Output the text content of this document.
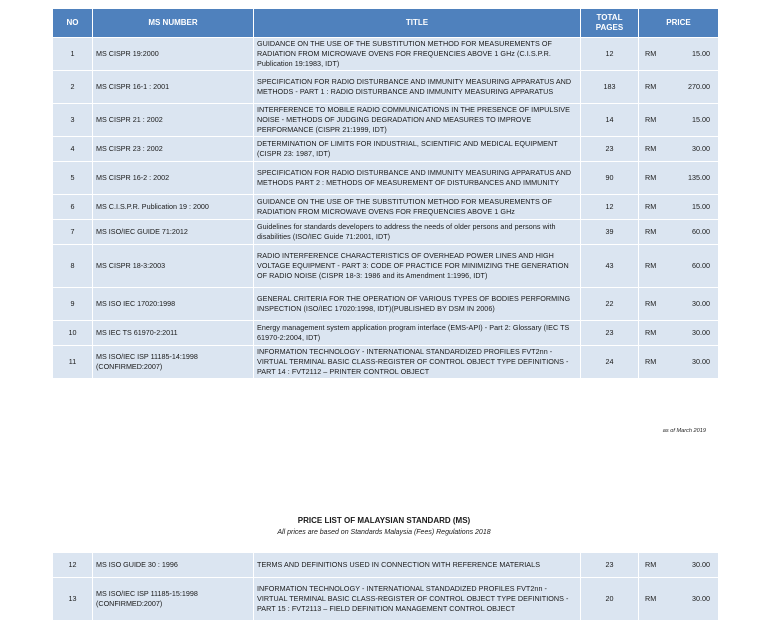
NO	MS NUMBER	TITLE	TOTAL PAGES	PRICE
1	MS CISPR 19:2000	GUIDANCE ON THE USE OF THE SUBSTITUTION METHOD FOR MEASUREMENTS OF RADIATION FROM MICROWAVE OVENS FOR FREQUENCIES ABOVE 1 GHz (C.I.S.P.R. Publication 19:1983, IDT)	12	RM 15.00

2	MS CISPR 16-1 : 2001	SPECIFICATION FOR RADIO DISTURBANCE AND IMMUNITY MEASURING APPARATUS AND METHODS - PART 1 : RADIO DISTURBANCE AND IMMUNITY MEASURING APPARATUS	183	RM 270.00

3	MS CISPR 21 : 2002	INTERFERENCE TO MOBILE RADIO COMMUNICATIONS IN THE PRESENCE OF IMPULSIVE NOISE - METHODS OF JUDGING DEGRADATION AND MEASURES TO IMPROVE PERFORMANCE (CISPR 21:1999, IDT)	14	RM 15.00

4	MS CISPR 23 : 2002	DETERMINATION OF LIMITS FOR INDUSTRIAL, SCIENTIFIC AND MEDICAL EQUIPMENT (CISPR 23: 1987, IDT)	23	RM 30.00

5	MS CISPR 16-2 : 2002	SPECIFICATION FOR RADIO DISTURBANCE AND IMMUNITY MEASURING APPARATUS AND METHODS PART 2 : METHODS OF MEASUREMENT OF DISTURBANCES AND IMMUNITY	90	RM 135.00

6	MS C.I.S.P.R. Publication 19 : 2000	GUIDANCE ON THE USE OF THE SUBSTITUTION METHOD FOR MEASUREMENTS OF RADIATION FROM MICROWAVE OVENS FOR FREQUENCIES ABOVE 1 GHz	12	RM 15.00

7	MS ISO/IEC GUIDE 71:2012	Guidelines for standards developers to address the needs of older persons and persons with disabilities (ISO/IEC Guide 71:2001, IDT)	39	RM 60.00

8	MS CISPR 18-3:2003	RADIO INTERFERENCE CHARACTERISTICS OF OVERHEAD POWER LINES AND HIGH VOLTAGE EQUIPMENT - PART 3: CODE OF PRACTICE FOR MINIMIZING THE GENERATION OF RADIO NOISE (CISPR 18-3: 1986 and its Amendment 1:1996, IDT)	43	RM 60.00

9	MS ISO IEC 17020:1998	GENERAL CRITERIA FOR THE OPERATION OF VARIOUS TYPES OF BODIES PERFORMING INSPECTION (ISO/IEC 17020:1998, IDT)(PUBLISHED BY DSM IN 2006)	22	RM 30.00

10	MS IEC TS 61970-2:2011	Energy management system application program interface (EMS-API) - Part 2: Glossary (IEC TS 61970-2:2004, IDT)	23	RM 30.00

11	MS ISO/IEC ISP 11185-14:1998 (CONFIRMED:2007)	INFORMATION TECHNOLOGY - INTERNATIONAL STANDARDIZED PROFILES FVT2nn - VIRTUAL TERMINAL BASIC CLASS-REGISTER OF CONTROL OBJECT TYPE DEFINITIONS - PART 14 : FVT2112 – PRINTER CONTROL OBJECT	24	RM 30.00
as of March 2019
PRICE LIST OF MALAYSIAN STANDARD (MS)
All prices are based on Standards Malaysia (Fees) Regulations 2018
12	MS ISO GUIDE 30 : 1996	TERMS AND DEFINITIONS USED IN CONNECTION WITH REFERENCE MATERIALS	23	RM 30.00

13	MS ISO/IEC ISP 11185-15:1998 (CONFIRMED:2007)	INFORMATION TECHNOLOGY - INTERNATIONAL STANDADIZED PROFILES FVT2nn - VIRTUAL TERMINAL BASIC CLASS-REGISTER OF CONTROL OBJECT TYPE DEFINITIONS - PART 15 : FVT2113 – FIELD DEFINITION MANAGEMENT CONTROL OBJECT	20	RM 30.00
